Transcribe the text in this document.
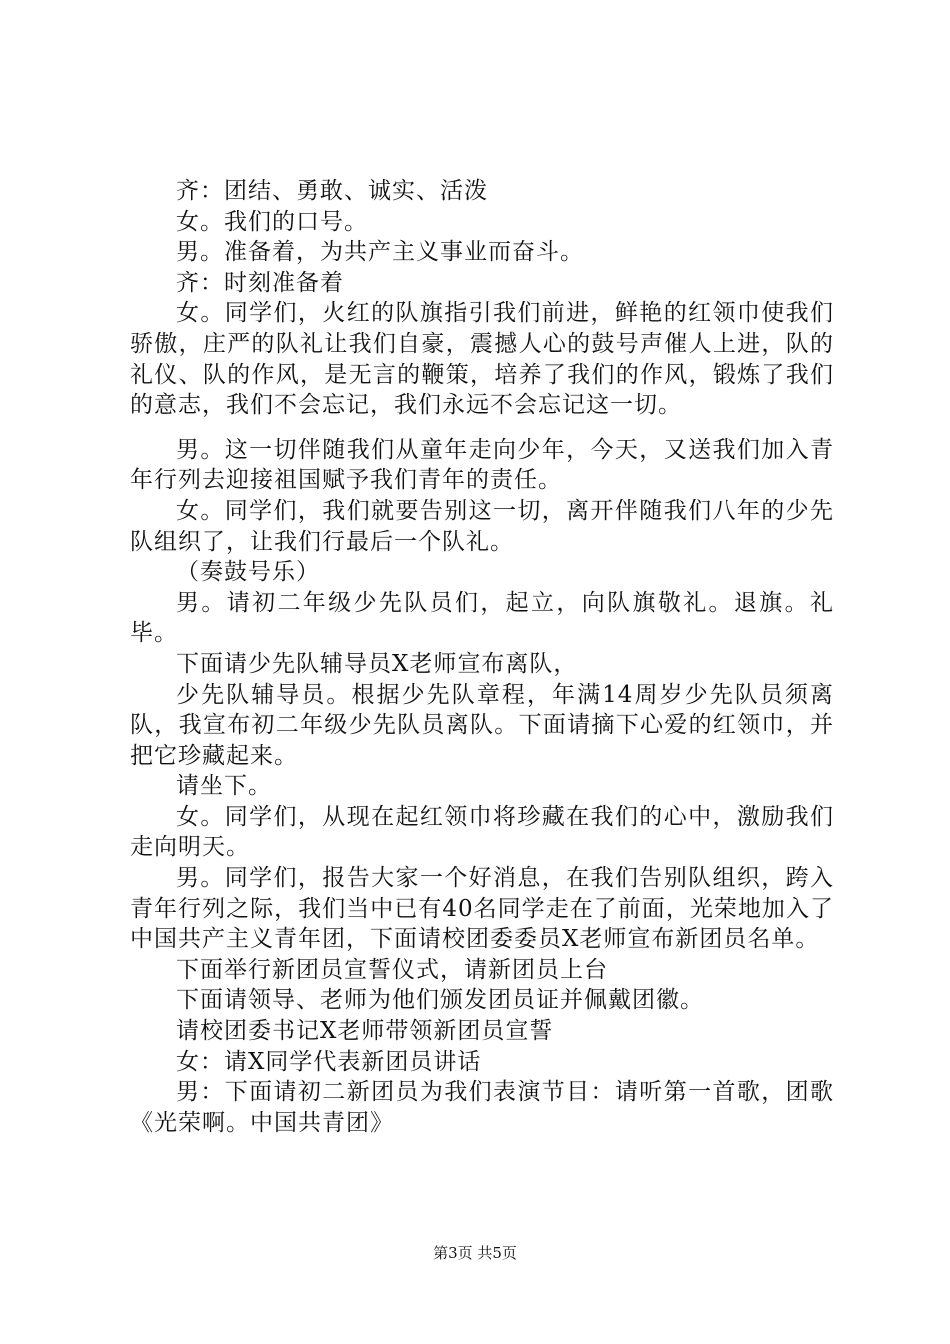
齐：团结、勇敢、诚实、活泼

女。我们的口号。

男。准备着，为共产主义事业而奋斗。

齐：时刻准备着

女。同学们，火红的队旗指引我们前进，鲜艳的红领巾使我们骄傲，庄严的队礼让我们自豪，震撼人心的鼓号声催人上进，队的礼仪、队的作风，是无言的鞭策，培养了我们的作风，锻炼了我们的意志，我们不会忘记，我们永远不会忘记这一切。

男。这一切伴随我们从童年走向少年，今天，又送我们加入青年行列去迎接祖国赋予我们青年的责任。

女。同学们，我们就要告别这一切，离开伴随我们八年的少先队组织了，让我们行最后一个队礼。

（奏鼓号乐）

男。请初二年级少先队员们，起立，向队旗敬礼。退旗。礼毕。

下面请少先队辅导员X老师宣布离队，

少先队辅导员。根据少先队章程，年满14周岁少先队员须离队，我宣布初二年级少先队员离队。下面请摘下心爱的红领巾，并把它珍藏起来。

请坐下。

女。同学们，从现在起红领巾将珍藏在我们的心中，激励我们走向明天。

男。同学们，报告大家一个好消息，在我们告别队组织，跨入青年行列之际，我们当中已有40名同学走在了前面，光荣地加入了中国共产主义青年团，下面请校团委委员X老师宣布新团员名单。

下面举行新团员宣誓仪式，请新团员上台

下面请领导、老师为他们颁发团员证并佩戴团徽。

请校团委书记X老师带领新团员宣誓

女：请X同学代表新团员讲话

男：下面请初二新团员为我们表演节目：请听第一首歌，团歌《光荣啊。中国共青团》

第3页 共5页
